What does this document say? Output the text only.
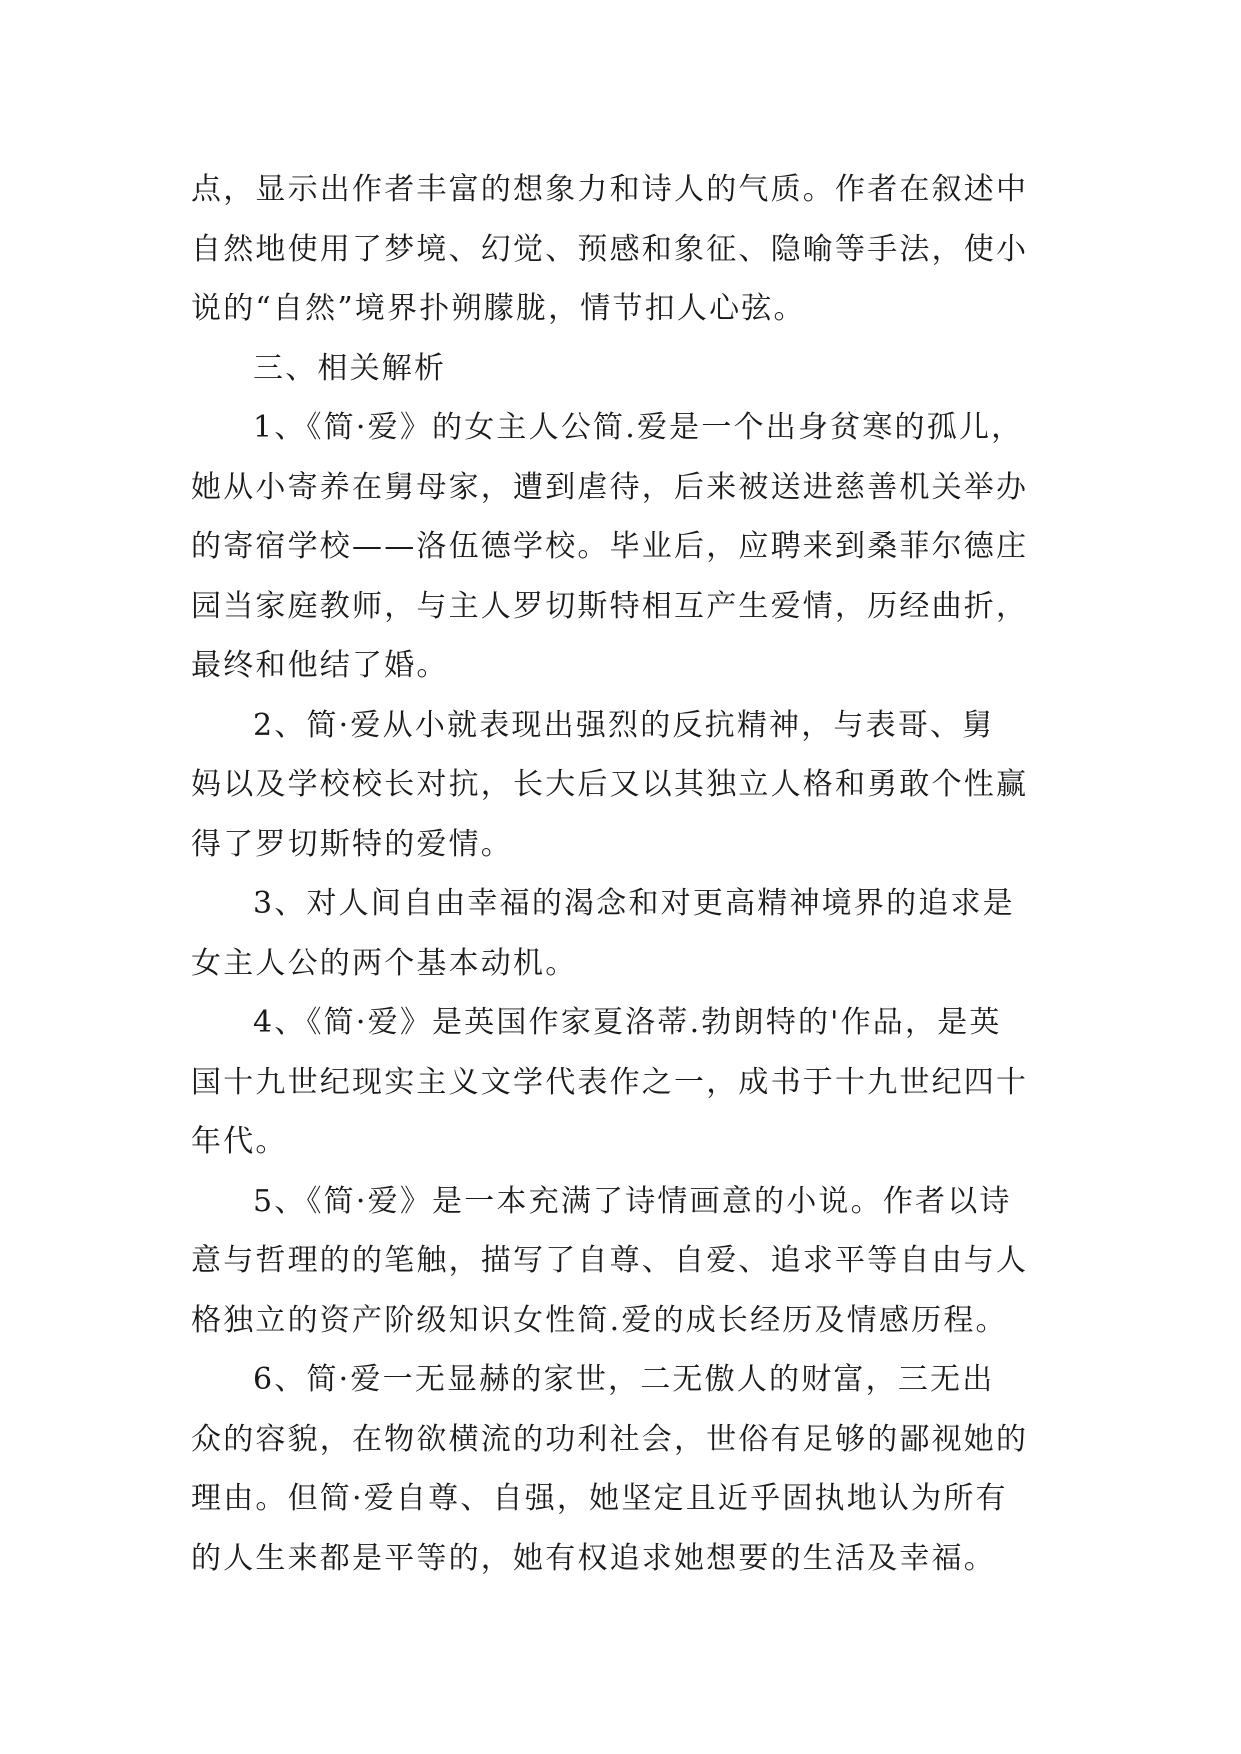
点，显示出作者丰富的想象力和诗人的气质。作者在叙述中
自然地使用了梦境、幻觉、预感和象征、隐喻等手法，使小
说的“自然”境界扑朔朦胧，情节扣人心弦。
三、相关解析
1、《简·爱》的女主人公简.爱是一个出身贫寒的孤儿，
她从小寄养在舅母家，遭到虐待，后来被送进慈善机关举办
的寄宿学校——洛伍德学校。毕业后，应聘来到桑菲尔德庄
园当家庭教师，与主人罗切斯特相互产生爱情，历经曲折，
最终和他结了婚。
2、简·爱从小就表现出强烈的反抗精神，与表哥、舅
妈以及学校校长对抗，长大后又以其独立人格和勇敢个性赢
得了罗切斯特的爱情。
3、对人间自由幸福的渴念和对更高精神境界的追求是
女主人公的两个基本动机。
4、《简·爱》是英国作家夏洛蒂.勃朗特的'作品，是英
国十九世纪现实主义文学代表作之一，成书于十九世纪四十
年代。
5、《简·爱》是一本充满了诗情画意的小说。作者以诗
意与哲理的的笔触，描写了自尊、自爱、追求平等自由与人
格独立的资产阶级知识女性简.爱的成长经历及情感历程。
6、简·爱一无显赫的家世，二无傲人的财富，三无出
众的容貌，在物欲横流的功利社会，世俗有足够的鄙视她的
理由。但简·爱自尊、自强，她坚定且近乎固执地认为所有
的人生来都是平等的，她有权追求她想要的生活及幸福。
